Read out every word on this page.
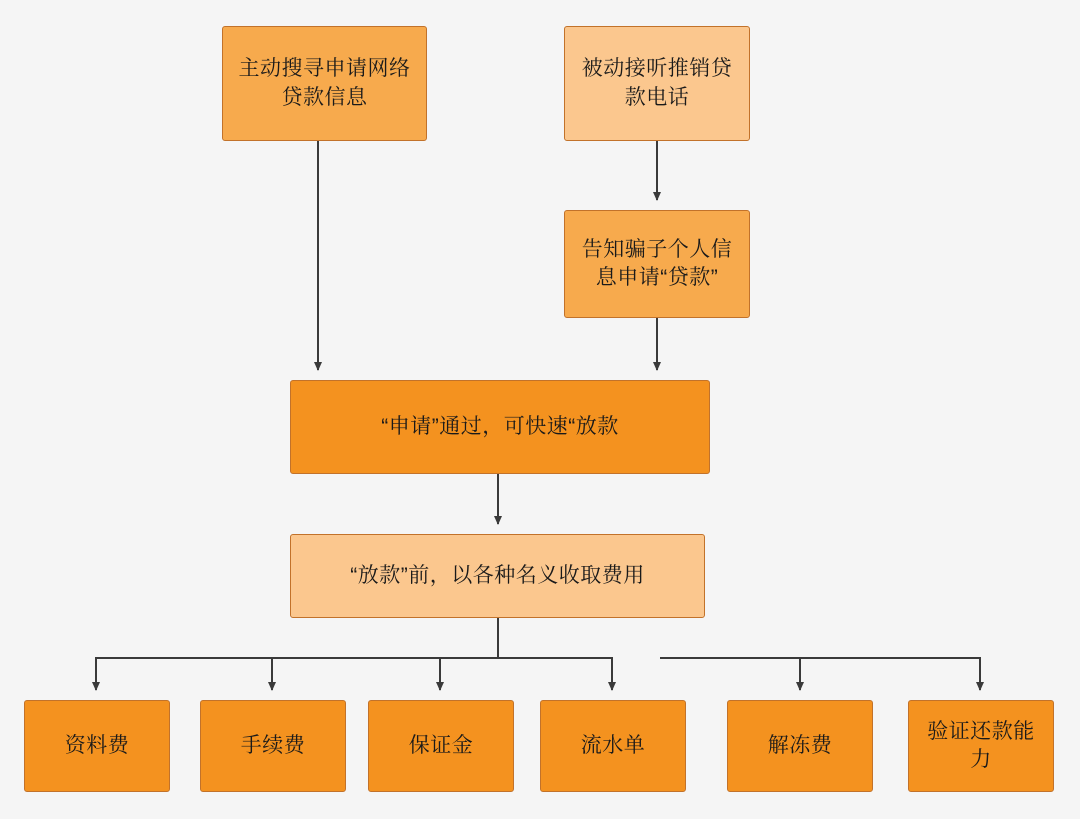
主动搜寻申请网络贷款信息
被动接听推销贷款电话
告知骗子个人信息申请“贷款”
“申请”通过，可快速“放款
“放款”前，以各种名义收取费用
资料费	手续费	保证金	流水单	解冻费
验证还款能力
